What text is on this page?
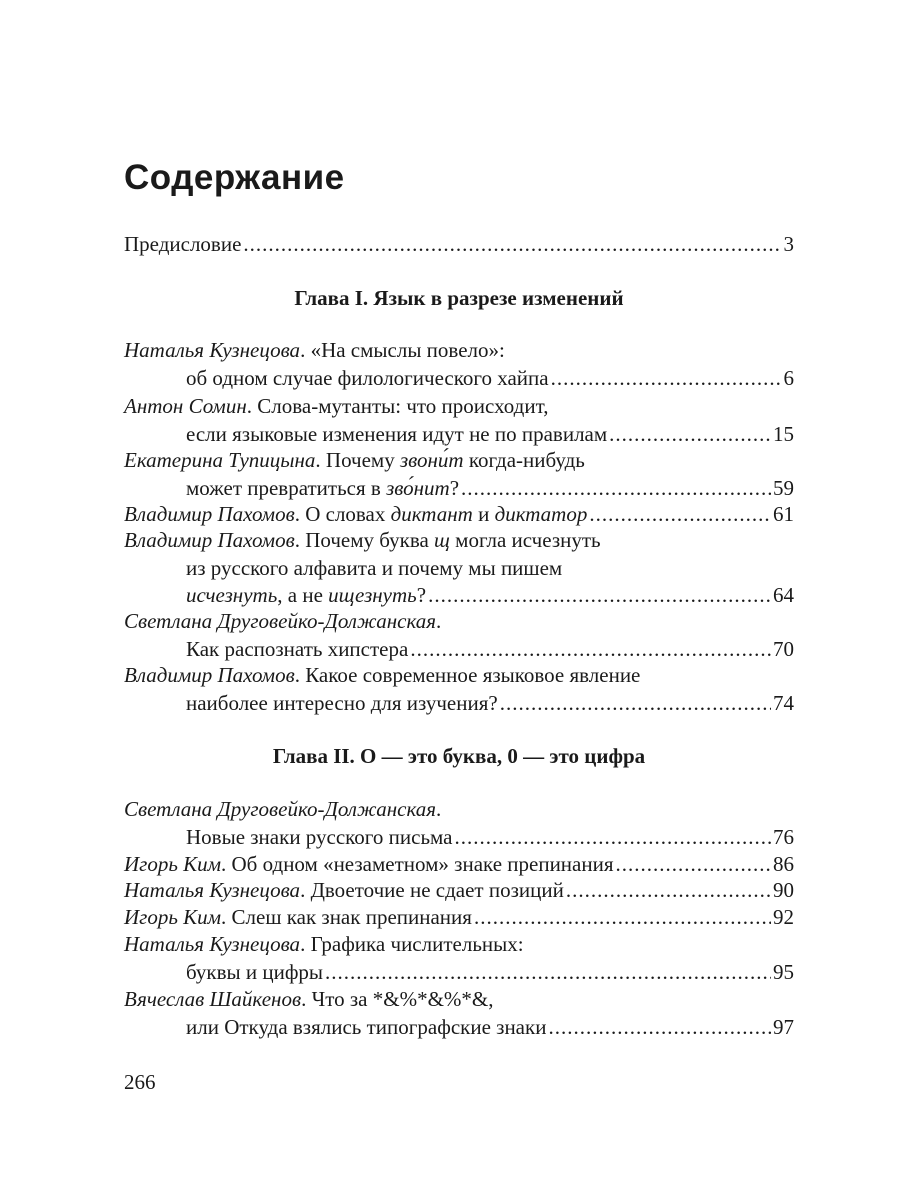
Содержание
Предисловие .....	3
Глава I. Язык в разрезе изменений
Наталья Кузнецова. «На смыслы повело»:
об одном случае филологического хайпа .....	6
Антон Сомин. Слова-мутанты: что происходит,
если языковые изменения идут не по правилам .....	15
Екатерина Тупицына. Почему звони́т когда-нибудь
может превратиться в зво́нит? .....	59
Владимир Пахомов. О словах диктант и диктатор .....	61
Владимир Пахомов. Почему буква щ могла исчезнуть
из русского алфавита и почему мы пишем
исчезнуть, а не ищезнуть? .....	64
Светлана Друговейко-Должанская.
Как распознать хипстера .....	70
Владимир Пахомов. Какое современное языковое явление
наиболее интересно для изучения? .....	74
Глава II. О — это буква, 0 — это цифра
Светлана Друговейко-Должанская.
Новые знаки русского письма .....	76
Игорь Ким. Об одном «незаметном» знаке препинания .....	86
Наталья Кузнецова. Двоеточие не сдает позиций .....	90
Игорь Ким. Слеш как знак препинания .....	92
Наталья Кузнецова. Графика числительных:
буквы и цифры .....	95
Вячеслав Шайкенов. Что за *&%*&%*&,
или Откуда взялись типографские знаки .....	97
266
